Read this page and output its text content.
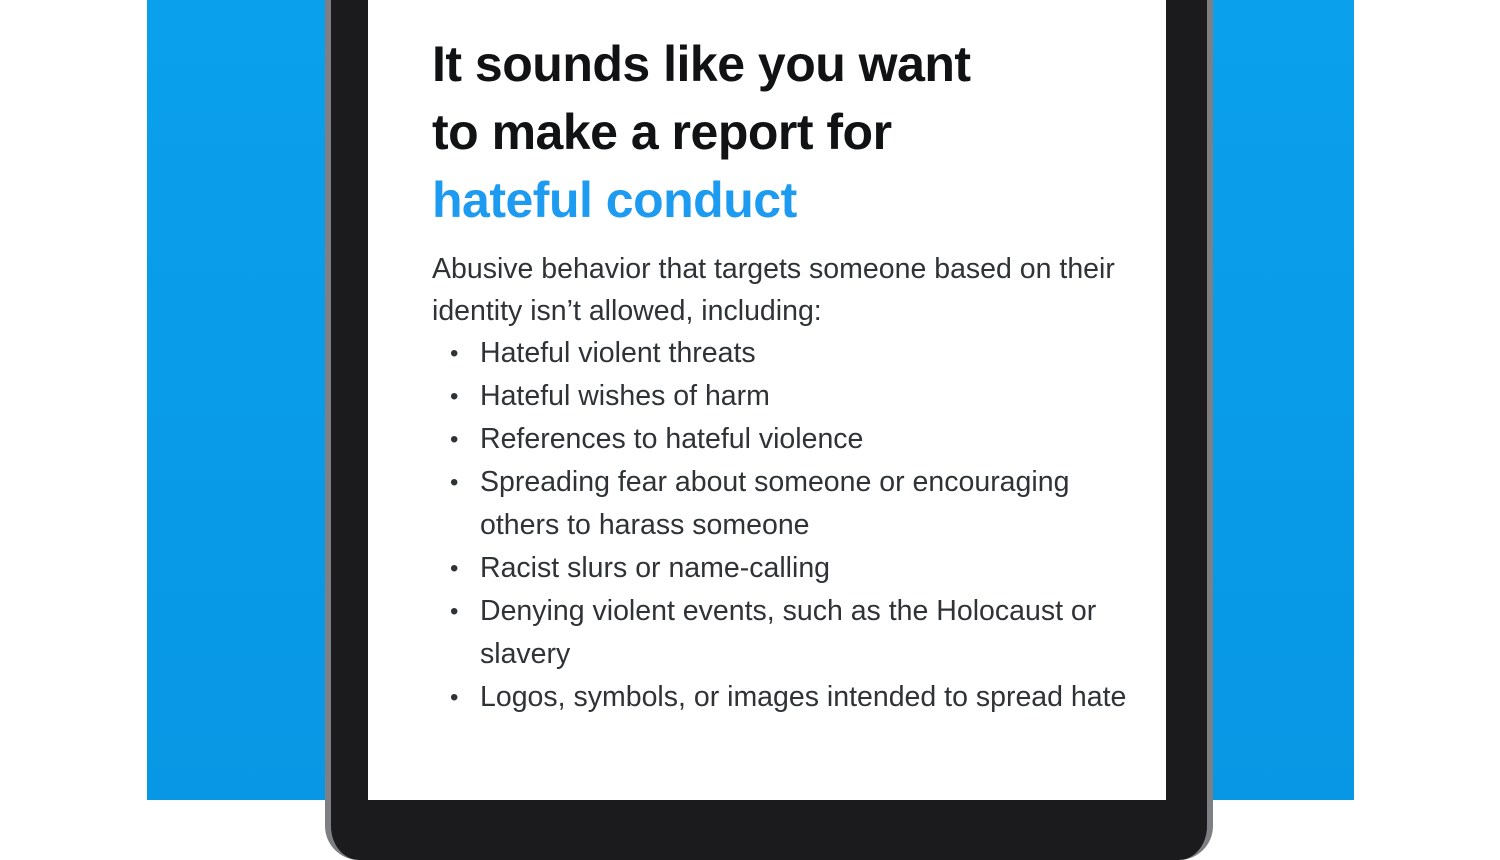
It sounds like you want
to make a report for
hateful conduct

Abusive behavior that targets someone based on their identity isn’t allowed, including:

• Hateful violent threats
• Hateful wishes of harm
• References to hateful violence
• Spreading fear about someone or encouraging others to harass someone
• Racist slurs or name-calling
• Denying violent events, such as the Holocaust or slavery
• Logos, symbols, or images intended to spread hate
